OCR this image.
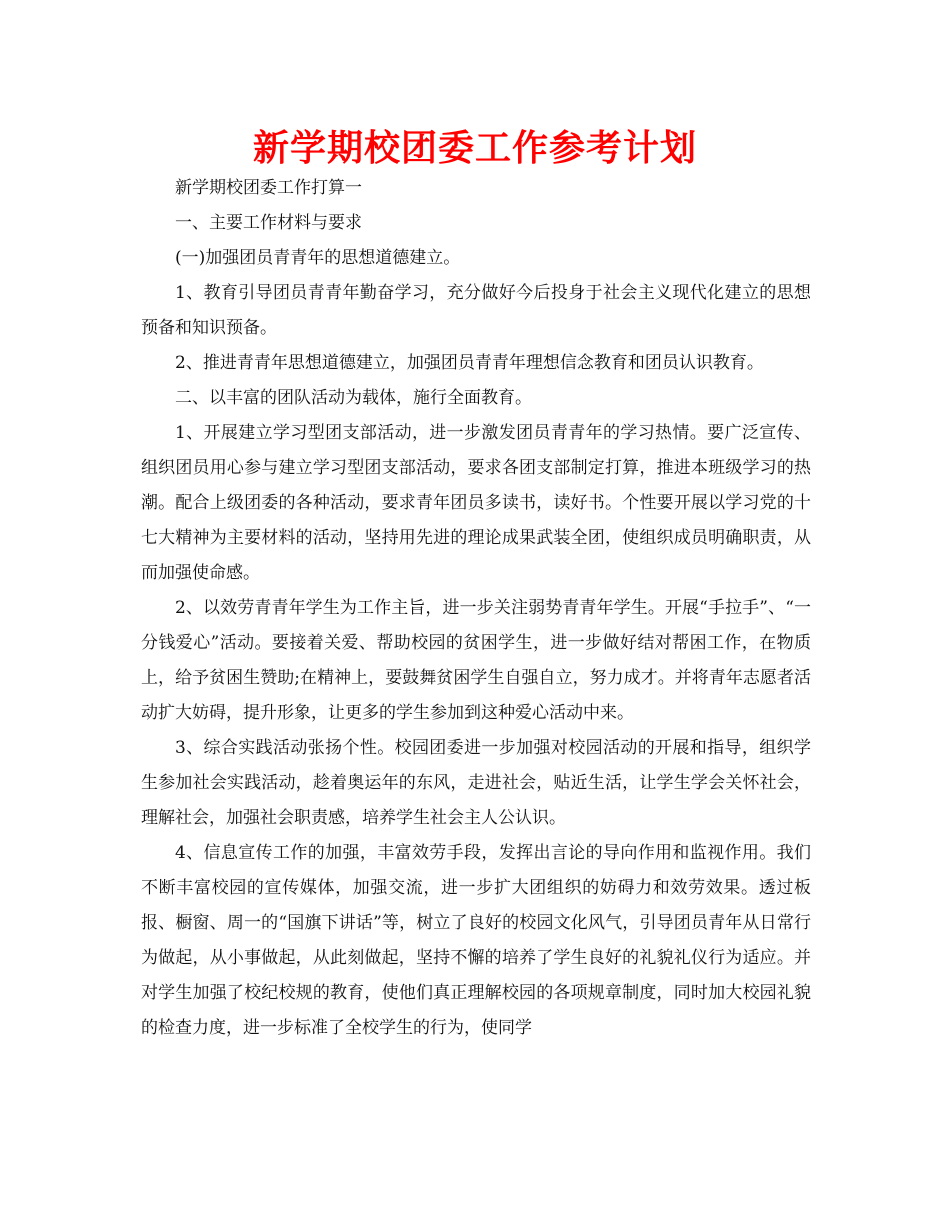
新学期校团委工作参考计划

新学期校团委工作打算一

一、主要工作材料与要求

(一)加强团员青青年的思想道德建立。

1、教育引导团员青青年勤奋学习，充分做好今后投身于社会主义现代化建立的思想预备和知识预备。

2、推进青青年思想道德建立，加强团员青青年理想信念教育和团员认识教育。

二、以丰富的团队活动为载体，施行全面教育。

1、开展建立学习型团支部活动，进一步激发团员青青年的学习热情。要广泛宣传、组织团员用心参与建立学习型团支部活动，要求各团支部制定打算，推进本班级学习的热潮。配合上级团委的各种活动，要求青年团员多读书，读好书。个性要开展以学习党的十七大精神为主要材料的活动，坚持用先进的理论成果武装全团，使组织成员明确职责，从而加强使命感。

2、以效劳青青年学生为工作主旨，进一步关注弱势青青年学生。开展“手拉手”、“一分钱爱心”活动。要接着关爱、帮助校园的贫困学生，进一步做好结对帮困工作，在物质上，给予贫困生赞助;在精神上，要鼓舞贫困学生自强自立，努力成才。并将青年志愿者活动扩大妨碍，提升形象，让更多的学生参加到这种爱心活动中来。

3、综合实践活动张扬个性。校园团委进一步加强对校园活动的开展和指导，组织学生参加社会实践活动，趁着奥运年的东风，走进社会，贴近生活，让学生学会关怀社会，理解社会，加强社会职责感，培养学生社会主人公认识。

4、信息宣传工作的加强，丰富效劳手段，发挥出言论的导向作用和监视作用。我们不断丰富校园的宣传媒体，加强交流，进一步扩大团组织的妨碍力和效劳效果。透过板报、橱窗、周一的“国旗下讲话”等，树立了良好的校园文化风气，引导团员青年从日常行为做起，从小事做起，从此刻做起，坚持不懈的培养了学生良好的礼貌礼仪行为适应。并对学生加强了校纪校规的教育，使他们真正理解校园的各项规章制度，同时加大校园礼貌的检查力度，进一步标准了全校学生的行为，使同学
